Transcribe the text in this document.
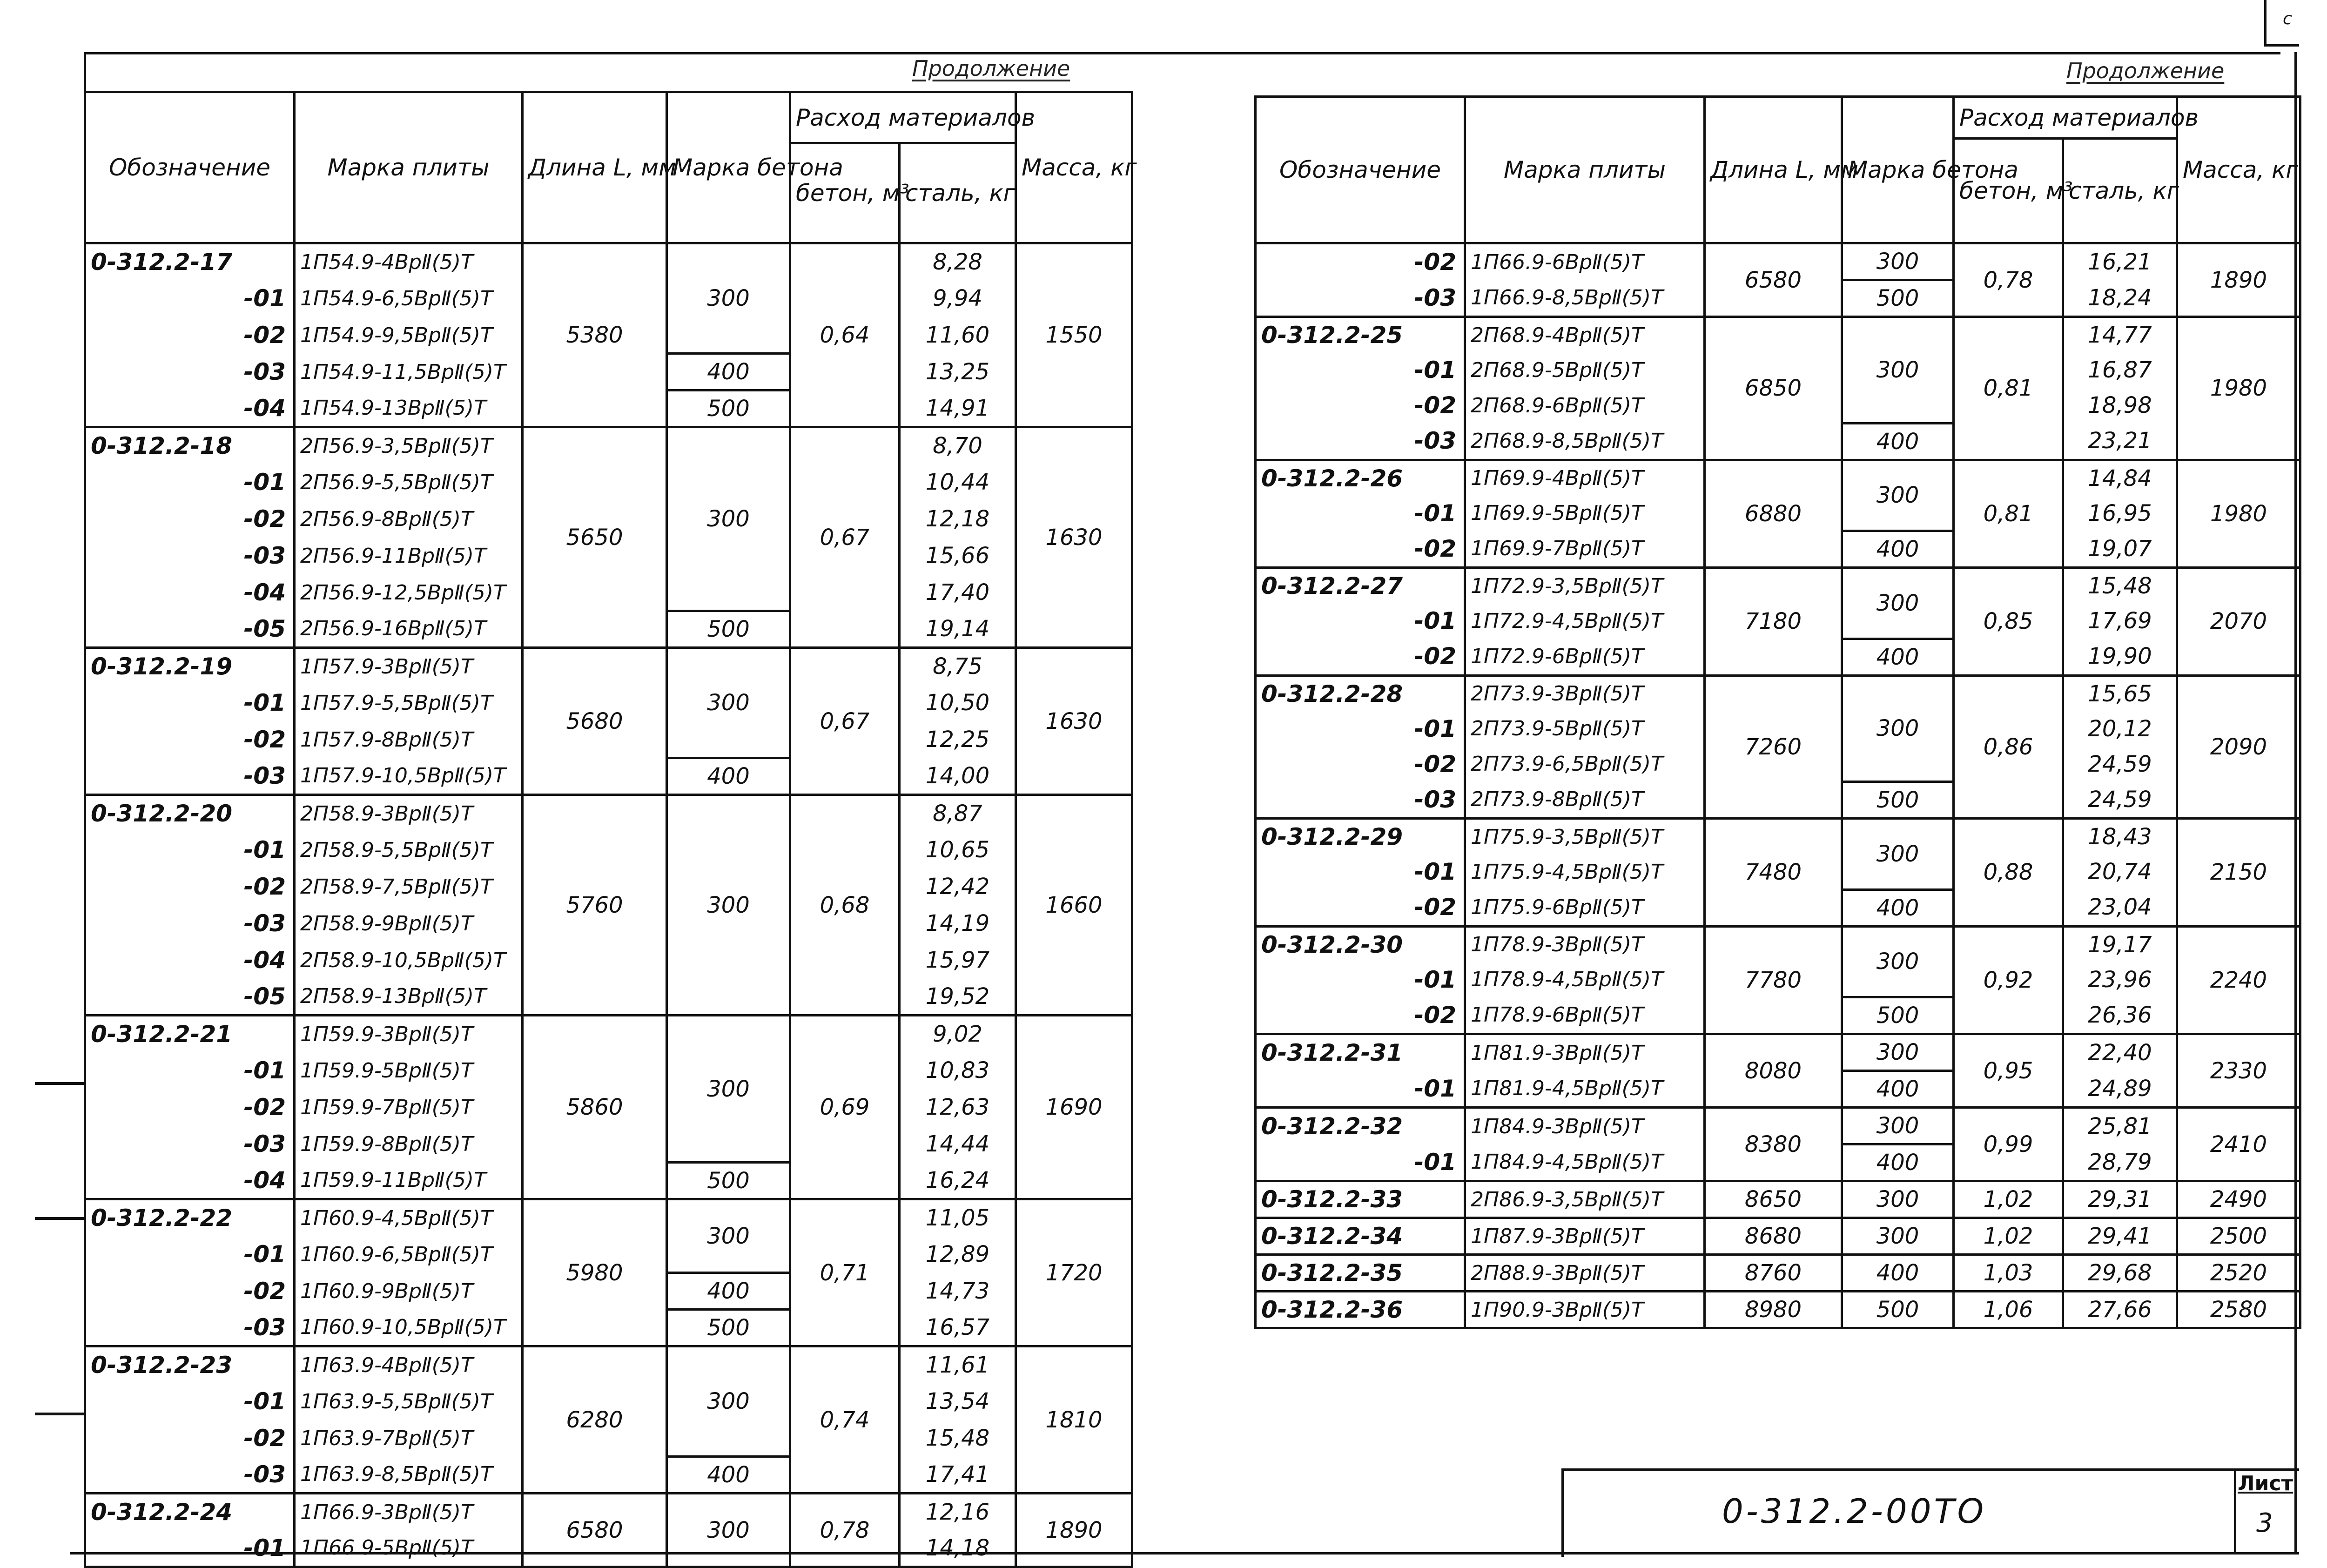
с
Продолжение	Продолжение
Обозначение	Марка плиты	Длина L, мм	Марка бетона	Расход материалов		Масса, кг
				бетон, м³	сталь, кг	
0-312.2-17	1П54.9-4ВрⅡ(5)Т	5380	300	0,64	8,28	1550
-01	1П54.9-6,5ВрⅡ(5)Т				9,94	
-02	1П54.9-9,5ВрⅡ(5)Т				11,60	
-03	1П54.9-11,5ВрⅡ(5)Т		400		13,25	
-04	1П54.9-13ВрⅡ(5)Т		500		14,91	
0-312.2-18	2П56.9-3,5ВрⅡ(5)Т	5650	300	0,67	8,70	1630
-01	2П56.9-5,5ВрⅡ(5)Т				10,44	
-02	2П56.9-8ВрⅡ(5)Т				12,18	
-03	2П56.9-11ВрⅡ(5)Т				15,66	
-04	2П56.9-12,5ВрⅡ(5)Т				17,40	
-05	2П56.9-16ВрⅡ(5)Т		500		19,14	
0-312.2-19	1П57.9-3ВрⅡ(5)Т	5680	300	0,67	8,75	1630
-01	1П57.9-5,5ВрⅡ(5)Т				10,50	
-02	1П57.9-8ВрⅡ(5)Т				12,25	
-03	1П57.9-10,5ВрⅡ(5)Т		400		14,00	
0-312.2-20	2П58.9-3ВрⅡ(5)Т	5760	300	0,68	8,87	1660
-01	2П58.9-5,5ВрⅡ(5)Т				10,65	
-02	2П58.9-7,5ВрⅡ(5)Т				12,42	
-03	2П58.9-9ВрⅡ(5)Т				14,19	
-04	2П58.9-10,5ВрⅡ(5)Т				15,97	
-05	2П58.9-13ВрⅡ(5)Т				19,52	
0-312.2-21	1П59.9-3ВрⅡ(5)Т	5860	300	0,69	9,02	1690
-01	1П59.9-5ВрⅡ(5)Т				10,83	
-02	1П59.9-7ВрⅡ(5)Т				12,63	
-03	1П59.9-8ВрⅡ(5)Т				14,44	
-04	1П59.9-11ВрⅡ(5)Т		500		16,24	
0-312.2-22	1П60.9-4,5ВрⅡ(5)Т	5980	300	0,71	11,05	1720
-01	1П60.9-6,5ВрⅡ(5)Т				12,89	
-02	1П60.9-9ВрⅡ(5)Т		400		14,73	
-03	1П60.9-10,5ВрⅡ(5)Т		500		16,57	
0-312.2-23	1П63.9-4ВрⅡ(5)Т	6280	300	0,74	11,61	1810
-01	1П63.9-5,5ВрⅡ(5)Т				13,54	
-02	1П63.9-7ВрⅡ(5)Т				15,48	
-03	1П63.9-8,5ВрⅡ(5)Т		400		17,41	
0-312.2-24	1П66.9-3ВрⅡ(5)Т	6580	300	0,78	12,16	1890
-01	1П66.9-5ВрⅡ(5)Т				14,18	
Обозначение	Марка плиты	Длина L, мм	Марка бетона	Расход материалов		Масса, кг
				бетон, м³	сталь, кг	
-02	1П66.9-6ВрⅡ(5)Т	6580	300	0,78	16,21	1890
-03	1П66.9-8,5ВрⅡ(5)Т		500		18,24	
0-312.2-25	2П68.9-4ВрⅡ(5)Т	6850	300	0,81	14,77	1980
-01	2П68.9-5ВрⅡ(5)Т				16,87	
-02	2П68.9-6ВрⅡ(5)Т				18,98	
-03	2П68.9-8,5ВрⅡ(5)Т		400		23,21	
0-312.2-26	1П69.9-4ВрⅡ(5)Т	6880	300	0,81	14,84	1980
-01	1П69.9-5ВрⅡ(5)Т				16,95	
-02	1П69.9-7ВрⅡ(5)Т		400		19,07	
0-312.2-27	1П72.9-3,5ВрⅡ(5)Т	7180	300	0,85	15,48	2070
-01	1П72.9-4,5ВрⅡ(5)Т				17,69	
-02	1П72.9-6ВрⅡ(5)Т		400		19,90	
0-312.2-28	2П73.9-3ВрⅡ(5)Т	7260	300	0,86	15,65	2090
-01	2П73.9-5ВрⅡ(5)Т				20,12	
-02	2П73.9-6,5ВрⅡ(5)Т				24,59	
-03	2П73.9-8ВрⅡ(5)Т		500		24,59	
0-312.2-29	1П75.9-3,5ВрⅡ(5)Т	7480	300	0,88	18,43	2150
-01	1П75.9-4,5ВрⅡ(5)Т				20,74	
-02	1П75.9-6ВрⅡ(5)Т		400		23,04	
0-312.2-30	1П78.9-3ВрⅡ(5)Т	7780	300	0,92	19,17	2240
-01	1П78.9-4,5ВрⅡ(5)Т				23,96	
-02	1П78.9-6ВрⅡ(5)Т		500		26,36	
0-312.2-31	1П81.9-3ВрⅡ(5)Т	8080	300	0,95	22,40	2330
-01	1П81.9-4,5ВрⅡ(5)Т		400		24,89	
0-312.2-32	1П84.9-3ВрⅡ(5)Т	8380	300	0,99	25,81	2410
-01	1П84.9-4,5ВрⅡ(5)Т		400		28,79	
0-312.2-33	2П86.9-3,5ВрⅡ(5)Т	8650	300	1,02	29,31	2490
0-312.2-34	1П87.9-3ВрⅡ(5)Т	8680	300	1,02	29,41	2500
0-312.2-35	2П88.9-3ВрⅡ(5)Т	8760	400	1,03	29,68	2520
0-312.2-36	1П90.9-3ВрⅡ(5)Т	8980	500	1,06	27,66	2580
0-312.2-00ТО
Лист
3
